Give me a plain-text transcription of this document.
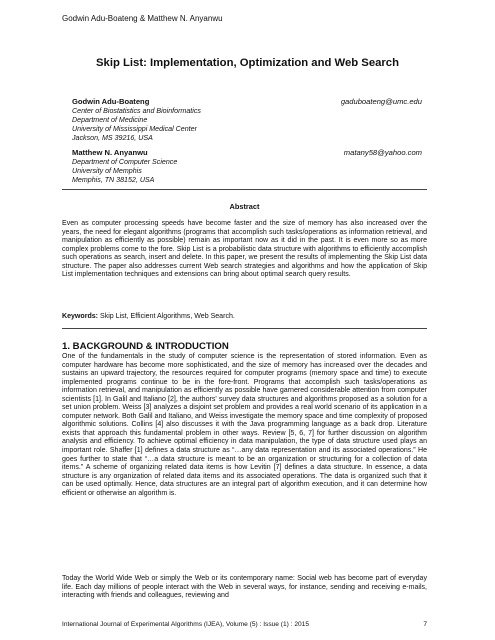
Godwin Adu-Boateng & Matthew N. Anyanwu
Skip List: Implementation, Optimization and Web Search
Godwin Adu-Boateng	gaduboateng@umc.edu
Center of Biostatistics and Bioinformatics
Department of Medicine
University of Mississippi Medical Center
Jackson, MS 39216, USA
Matthew N. Anyanwu	matany58@yahoo.com
Department of Computer Science
University of Memphis
Memphis, TN 38152, USA
Abstract

Even as computer processing speeds have become faster and the size of memory has also increased over the years, the need for elegant algorithms (programs that accomplish such tasks/operations as information retrieval, and manipulation as efficiently as possible) remain as important now as it did in the past. It is even more so as more complex problems come to the fore. Skip List is a probabilistic data structure with algorithms to efficiently accomplish such operations as search, insert and delete. In this paper, we present the results of implementing the Skip List data structure. The paper also addresses current Web search strategies and algorithms and how the application of Skip List implementation techniques and extensions can bring about optimal search query results.

Keywords: Skip List, Efficient Algorithms, Web Search.
1. BACKGROUND & INTRODUCTION

One of the fundamentals in the study of computer science is the representation of stored information. Even as computer hardware has become more sophisticated, and the size of memory has increased over the decades and sustains an upward trajectory, the resources required for computer programs (memory space and time) to execute implemented programs continue to be in the fore-front. Programs that accomplish such tasks/operations as information retrieval, and manipulation as efficiently as possible have garnered considerable attention from computer scientists [1]. In Galil and Italiano [2], the authors' survey data structures and algorithms proposed as a solution for a set union problem. Weiss [3] analyzes a disjoint set problem and provides a real world scenario of its application in a computer network. Both Galil and Italiano, and Weiss investigate the memory space and time complexity of proposed algorithmic solutions. Collins [4] also discusses it with the Java programming language as a back drop. Literature exists that approach this fundamental problem in other ways. Review [5, 6, 7] for further discussion on algorithm analysis and efficiency. To achieve optimal efficiency in data manipulation, the type of data structure used plays an important role. Shaffer [1] defines a data structure as “…any data representation and its associated operations.” He goes further to state that “…a data structure is meant to be an organization or structuring for a collection of data items.” A scheme of organizing related data items is how Levitin [7] defines a data structure. In essence, a data structure is any organization of related data items and its associated operations. The data is organized such that it can be used optimally. Hence, data structures are an integral part of algorithm execution, and it can determine how efficient or otherwise an algorithm is.

Today the World Wide Web or simply the Web or its contemporary name: Social web has become part of everyday life. Each day millions of people interact with the Web in several ways, for instance, sending and receiving e-mails, interacting with friends and colleagues, reviewing and

International Journal of Experimental Algorithms (IJEA), Volume (5) : Issue (1) : 2015	7
